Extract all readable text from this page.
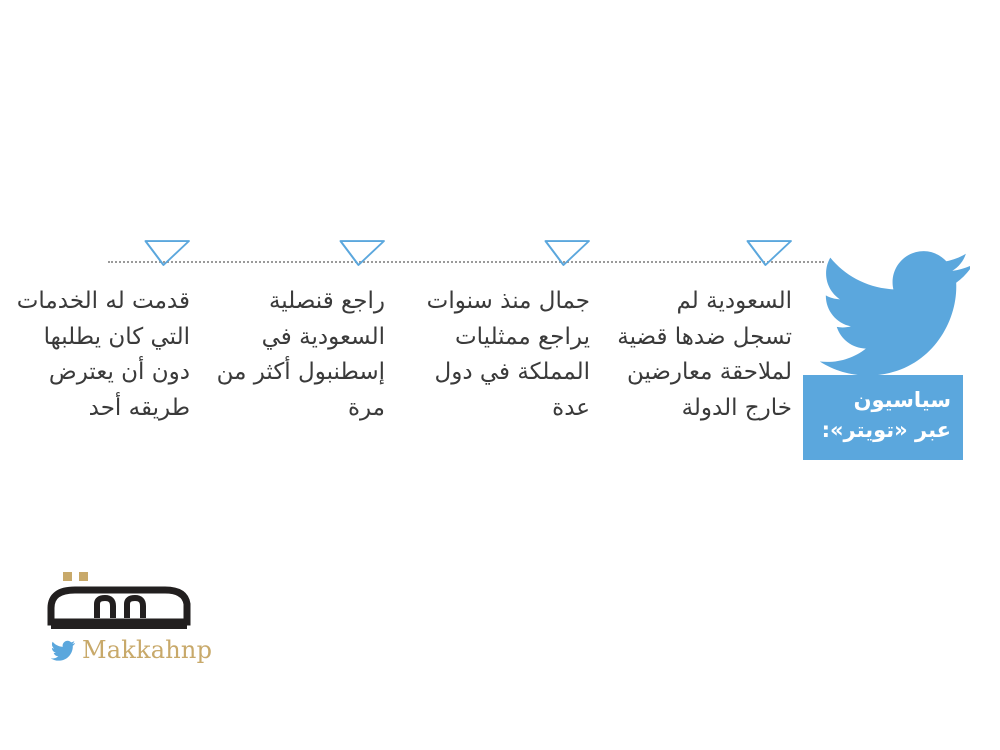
سياسيون عبر «تويتر»:
السعودية لم تسجل ضدها قضية لملاحقة معارضين خارج الدولة
جمال منذ سنوات يراجع ممثليات المملكة في دول عدة
راجع قنصلية السعودية في إسطنبول أكثر من مرة
قدمت له الخدمات التي كان يطلبها دون أن يعترض طريقه أحد
Makkahnp
